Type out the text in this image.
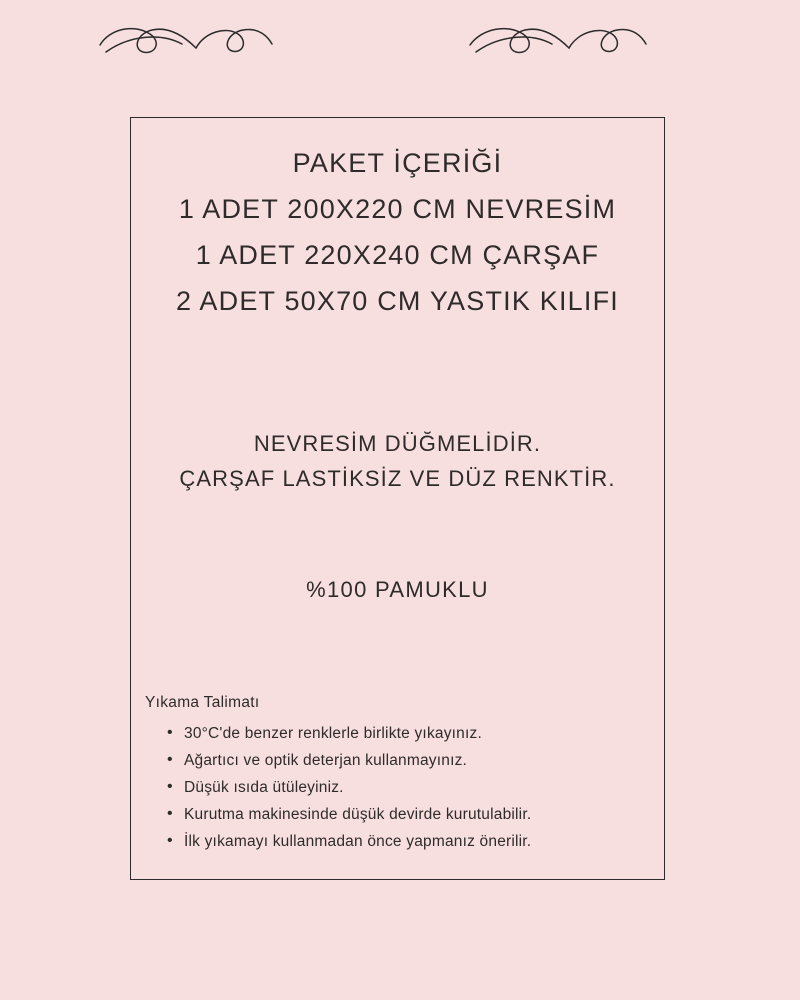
PAKET İÇERİĞİ
1 ADET 200X220 CM NEVRESİM
1 ADET 220X240 CM ÇARŞAF
2 ADET 50X70 CM YASTIK KILIFI
NEVRESİM DÜĞMELİDİR.
ÇARŞAF LASTİKSİZ VE DÜZ RENKTİR.
%100 PAMUKLU
Yıkama Talimatı
• 30°C'de benzer renklerle birlikte yıkayınız.
• Ağartıcı ve optik deterjan kullanmayınız.
• Düşük ısıda ütüleyiniz.
• Kurutma makinesinde düşük devirde kurutulabilir.
• İlk yıkamayı kullanmadan önce yapmanız önerilir.
